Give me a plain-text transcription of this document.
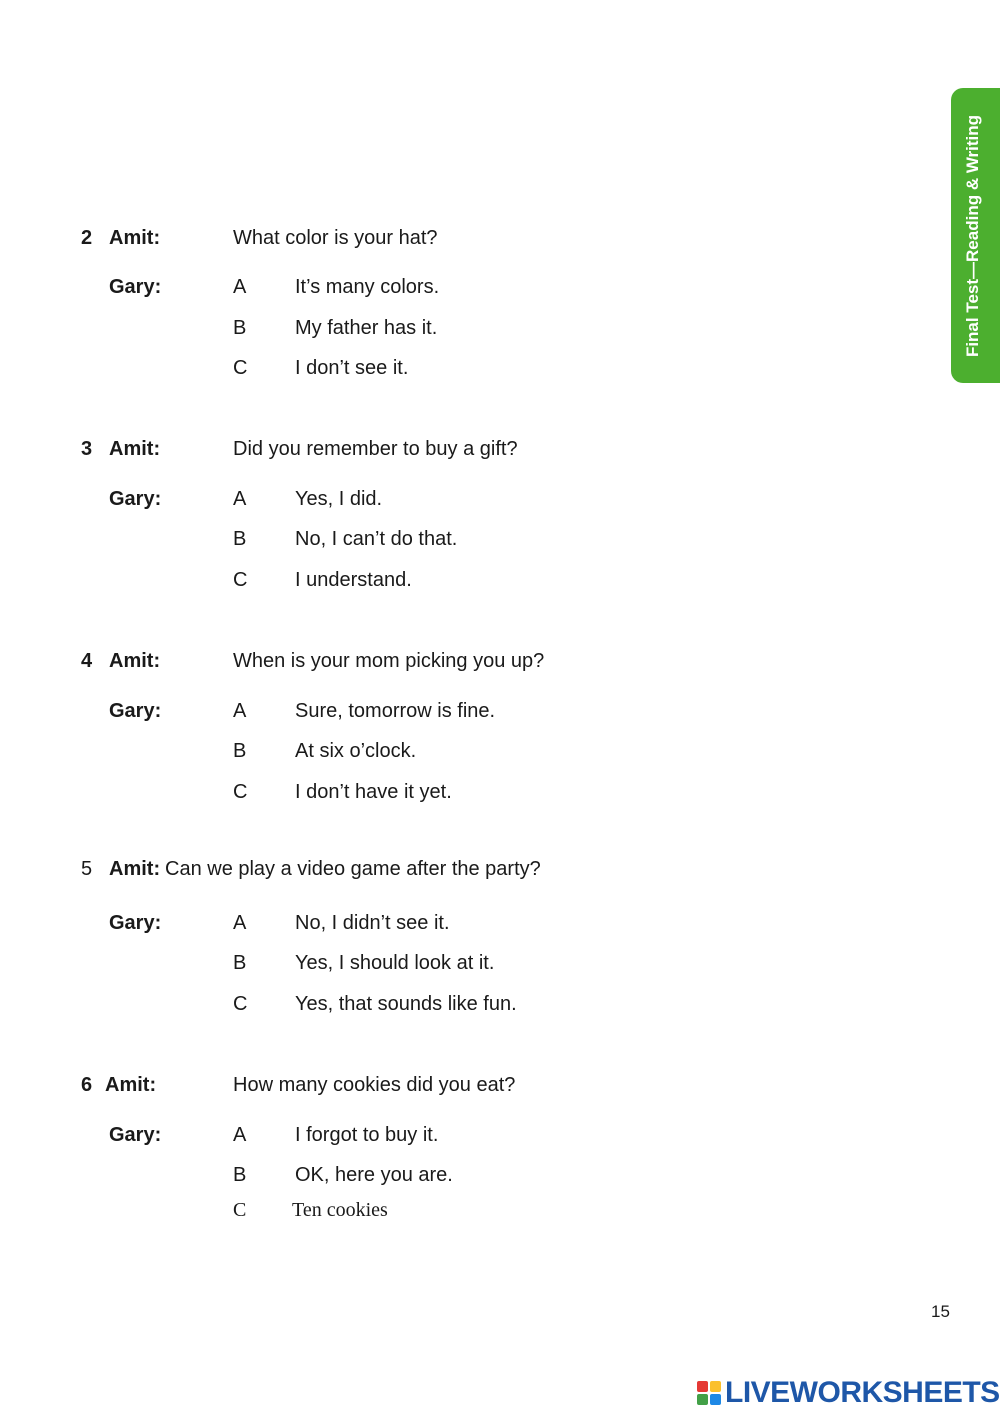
Final Test—Reading & Writing
2 Amit:	What color is your hat?
Gary:	A It’s many colors.
B My father has it.
C I don’t see it.
3 Amit:	Did you remember to buy a gift?
Gary:	A Yes, I did.
B No, I can’t do that.
C I understand.
4 Amit:	When is your mom picking you up?
Gary:	A Sure, tomorrow is fine.
B At six o’clock.
C I don’t have it yet.
5 Amit: Can we play a video game after the party?
Gary:	A No, I didn’t see it.
B Yes, I should look at it.
C Yes, that sounds like fun.
6 Amit:	How many cookies did you eat?
Gary:	A I forgot to buy it.
B OK, here you are.
C Ten cookies
15
LIVEWORKSHEETS
